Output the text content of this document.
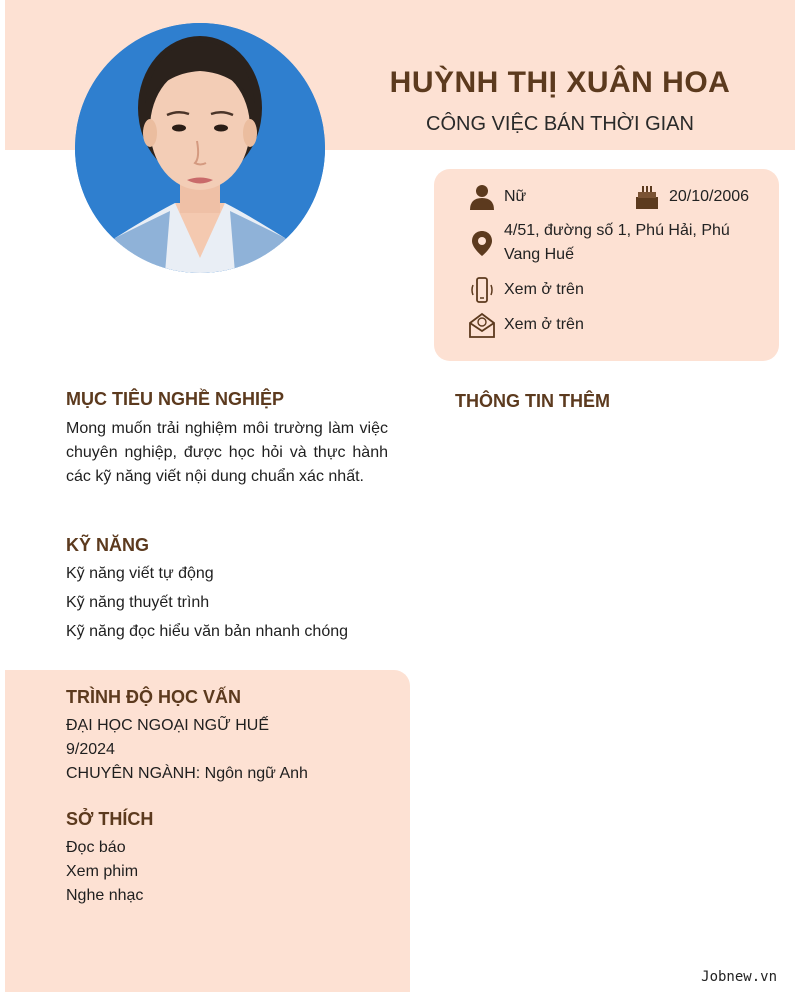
HUỲNH THỊ XUÂN HOA
CÔNG VIỆC BÁN THỜI GIAN
Nữ	20/10/2006
4/51, đường số 1, Phú Hải, Phú Vang Huế
Xem ở trên
Xem ở trên
MỤC TIÊU NGHỀ NGHIỆP
Mong muốn trải nghiệm môi trường làm việc chuyên nghiệp, được học hỏi và thực hành các kỹ năng viết nội dung chuẩn xác nhất.
KỸ NĂNG
Kỹ năng viết tự động
Kỹ năng thuyết trình
Kỹ năng đọc hiểu văn bản nhanh chóng
THÔNG TIN THÊM
TRÌNH ĐỘ HỌC VẤN
ĐẠI HỌC NGOẠI NGỮ HUẾ
9/2024
CHUYÊN NGÀNH: Ngôn ngữ Anh
SỞ THÍCH
Đọc báo
Xem phim
Nghe nhạc
Jobnew.vn
